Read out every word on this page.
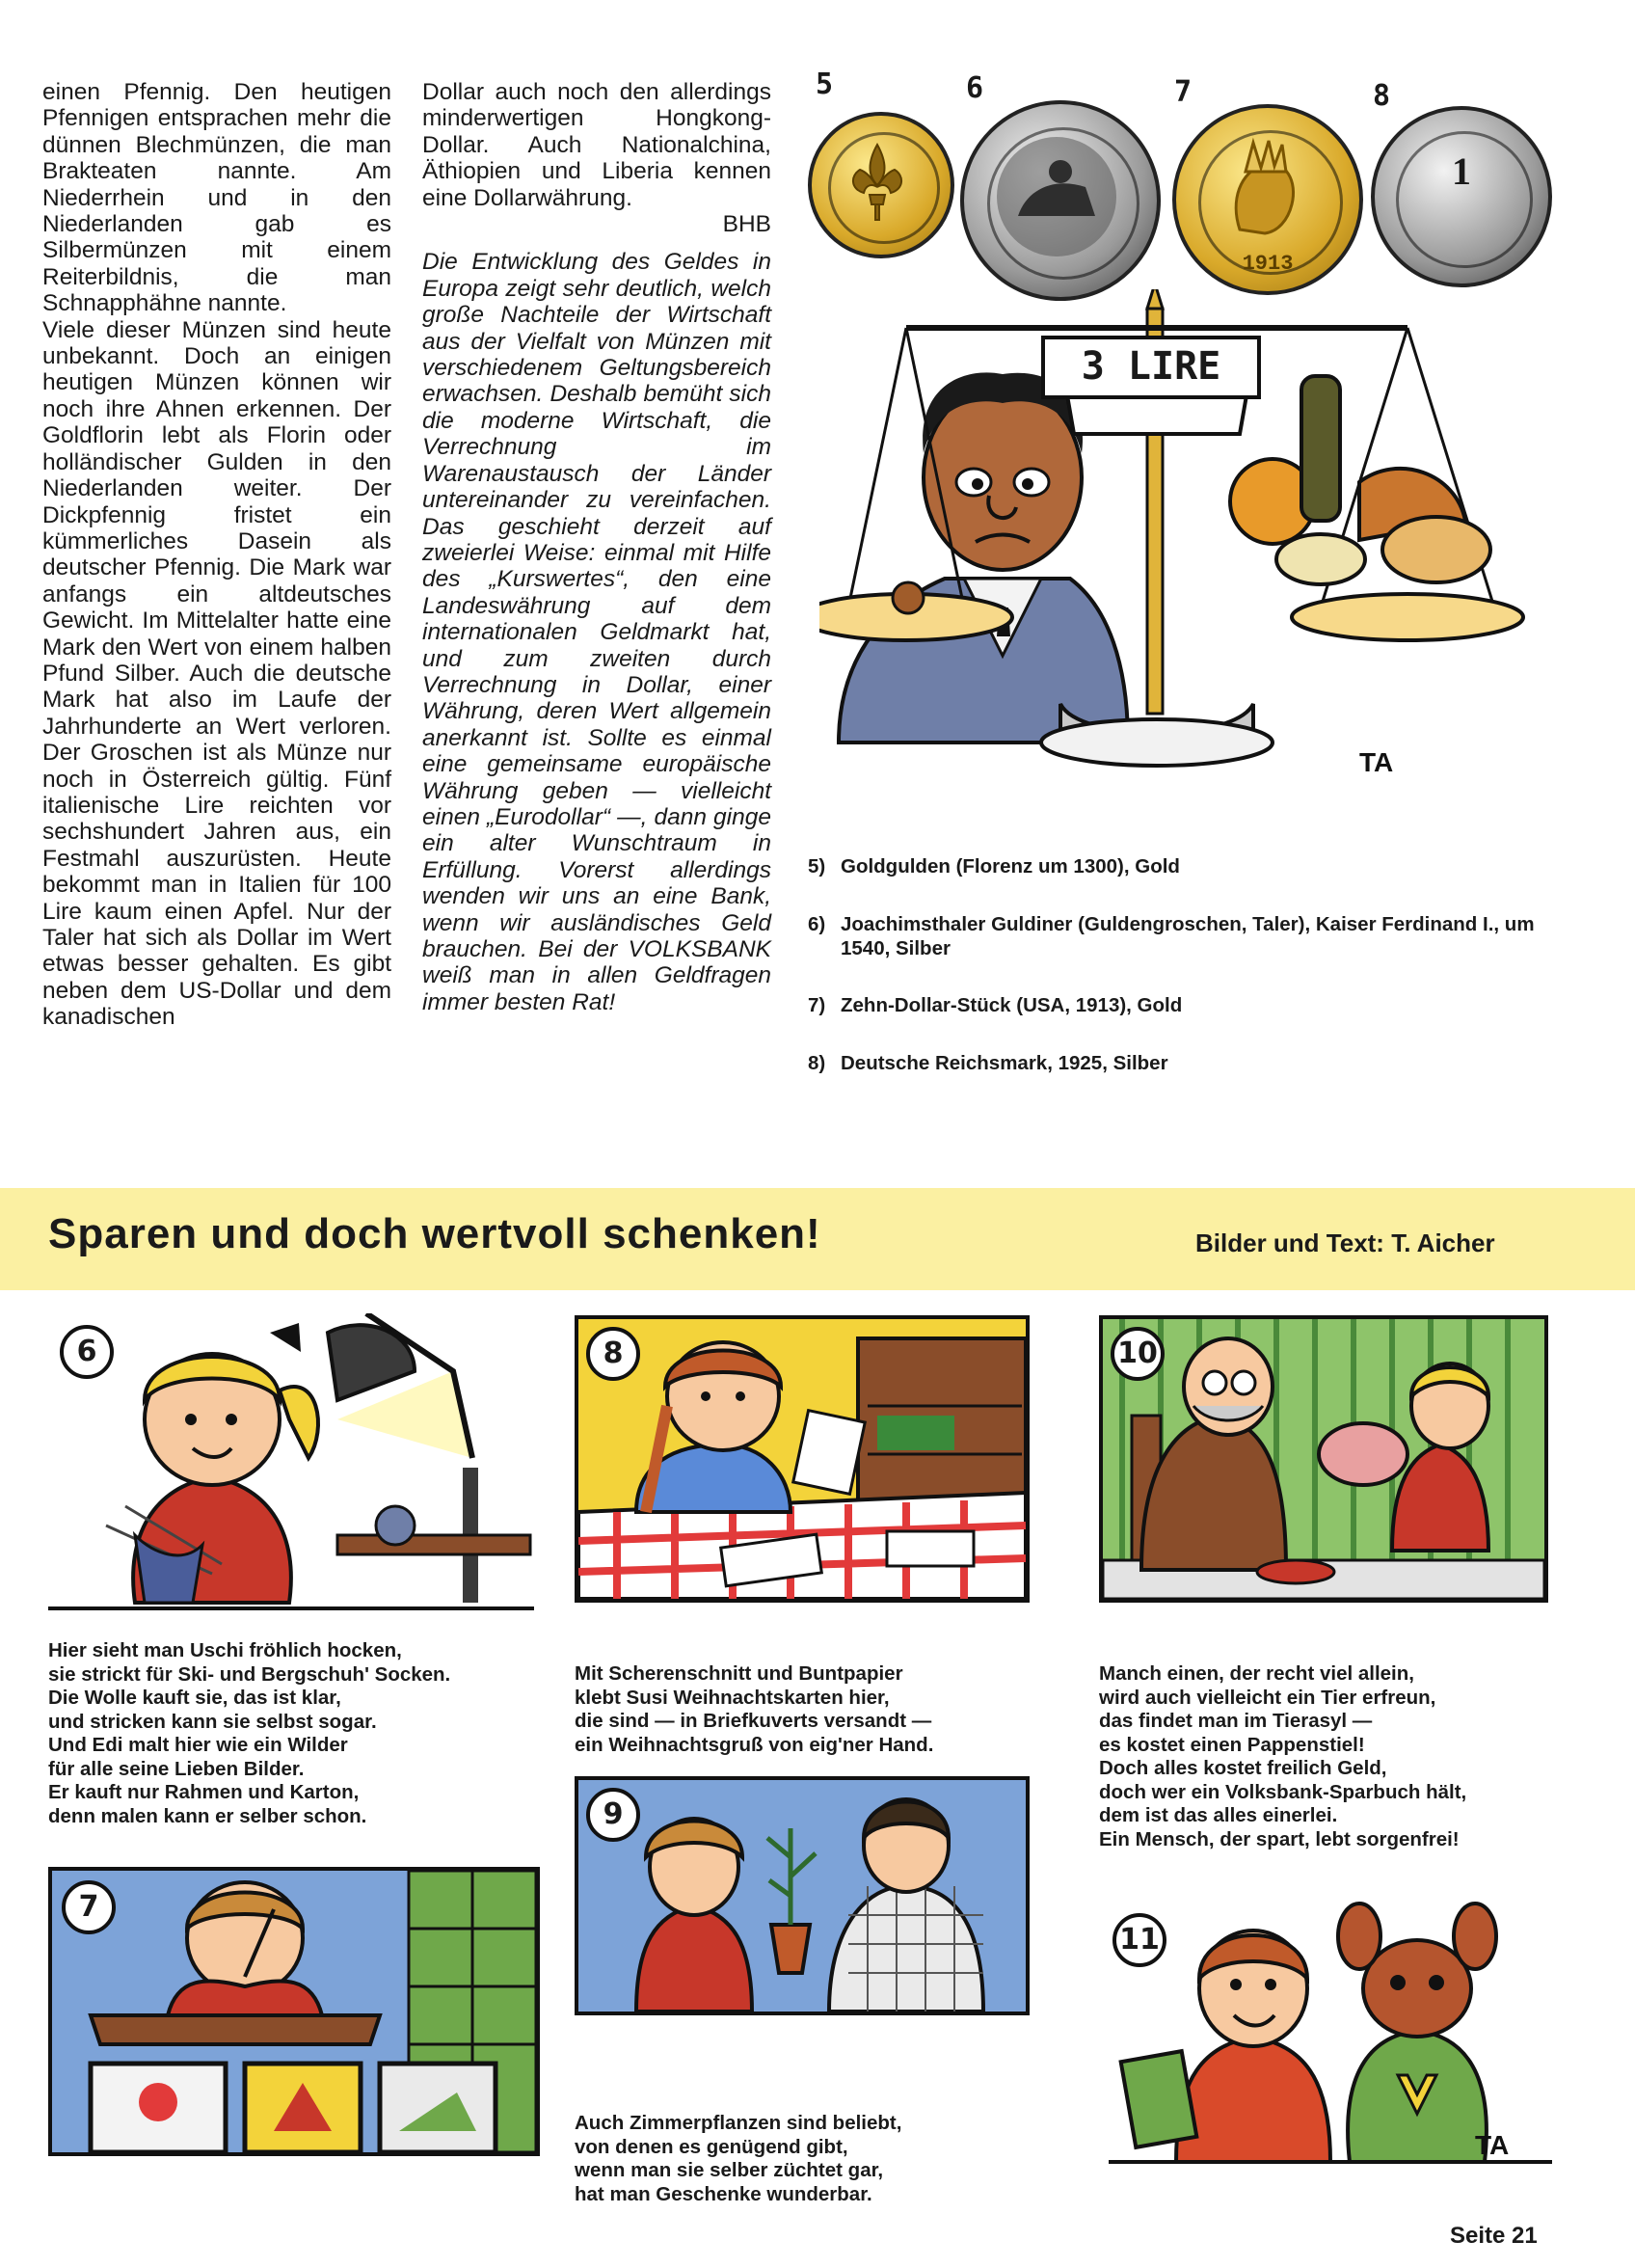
einen Pfennig. Den heutigen Pfennigen entsprachen mehr die dünnen Blechmünzen, die man Brakteaten nannte. Am Niederrhein und in den Niederlanden gab es Silbermünzen mit einem Reiterbildnis, die man Schnapphähne nannte.

Viele dieser Münzen sind heute unbekannt. Doch an einigen heutigen Münzen können wir noch ihre Ahnen erkennen. Der Goldflorin lebt als Florin oder holländischer Gulden in den Niederlanden weiter. Der Dickpfennig fristet ein kümmerliches Dasein als deutscher Pfennig. Die Mark war anfangs ein altdeutsches Gewicht. Im Mittelalter hatte eine Mark den Wert von einem halben Pfund Silber. Auch die deutsche Mark hat also im Laufe der Jahrhunderte an Wert verloren. Der Groschen ist als Münze nur noch in Österreich gültig. Fünf italienische Lire reichten vor sechshundert Jahren aus, ein Festmahl auszurüsten. Heute bekommt man in Italien für 100 Lire kaum einen Apfel. Nur der Taler hat sich als Dollar im Wert etwas besser gehalten. Es gibt neben dem US-Dollar und dem kanadischen

Dollar auch noch den allerdings minderwertigen Hongkong-Dollar. Auch Nationalchina, Äthiopien und Liberia kennen eine Dollarwährung.

BHB

Die Entwicklung des Geldes in Europa zeigt sehr deutlich, welch große Nachteile der Wirtschaft aus der Vielfalt von Münzen mit verschiedenem Geltungsbereich erwachsen. Deshalb bemüht sich die moderne Wirtschaft, die Verrechnung im Warenaustausch der Länder untereinander zu vereinfachen. Das geschieht derzeit auf zweierlei Weise: einmal mit Hilfe des „Kurswertes“, den eine Landeswährung auf dem internationalen Geldmarkt hat, und zum zweiten durch Verrechnung in Dollar, einer Währung, deren Wert allgemein anerkannt ist. Sollte es einmal eine gemeinsame europäische Währung geben — vielleicht einen „Eurodollar“ —, dann ginge ein alter Wunschtraum in Erfüllung. Vorerst allerdings wenden wir uns an eine Bank, wenn wir ausländisches Geld brauchen. Bei der VOLKSBANK weiß man in allen Geldfragen immer besten Rat!

5	6	7	8
1913
1
TA
3 LIRE
5) Goldgulden (Florenz um 1300), Gold
6) Joachimsthaler Guldiner (Guldengroschen, Taler), Kaiser Ferdinand I., um 1540, Silber
7) Zehn-Dollar-Stück (USA, 1913), Gold
8) Deutsche Reichsmark, 1925, Silber
Sparen und doch wertvoll schenken!	Bilder und Text: T. Aicher
6
Hier sieht man Uschi fröhlich hocken,
sie strickt für Ski- und Bergschuh' Socken.
Die Wolle kauft sie, das ist klar,
und stricken kann sie selbst sogar.
Und Edi malt hier wie ein Wilder
für alle seine Lieben Bilder.
Er kauft nur Rahmen und Karton,
denn malen kann er selber schon.
7
8
Mit Scherenschnitt und Buntpapier
klebt Susi Weihnachtskarten hier,
die sind — in Briefkuverts versandt —
ein Weihnachtsgruß von eig'ner Hand.
9
Auch Zimmerpflanzen sind beliebt,
von denen es genügend gibt,
wenn man sie selber züchtet gar,
hat man Geschenke wunderbar.
10
Manch einen, der recht viel allein,
wird auch vielleicht ein Tier erfreun,
das findet man im Tierasyl —
es kostet einen Pappenstiel!
Doch alles kostet freilich Geld,
doch wer ein Volksbank-Sparbuch hält,
dem ist das alles einerlei.
Ein Mensch, der spart, lebt sorgenfrei!
TA
11
Seite 21
